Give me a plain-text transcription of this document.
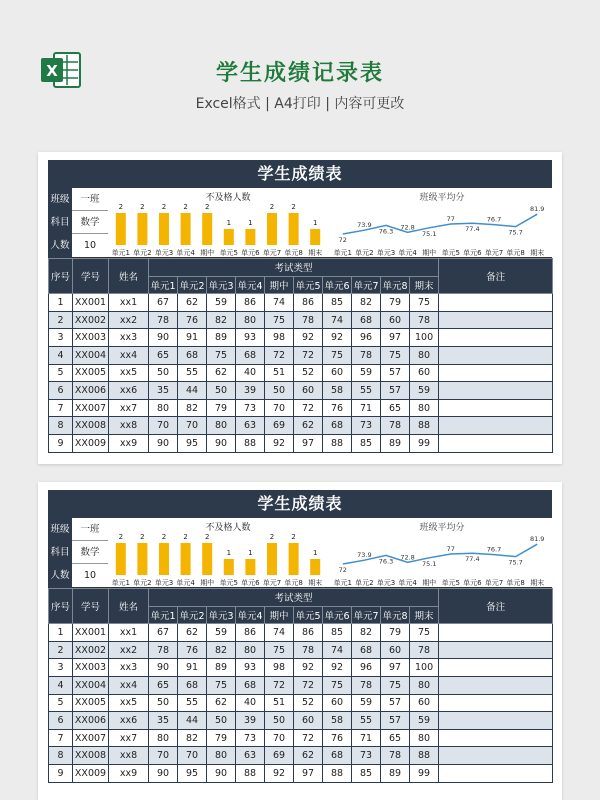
X	学生成绩记录表
Excel格式 | A4打印 | 内容可更改
学生成绩表
班级	一班
科目	数学
人数	10
不及格人数
2
单元1
2
单元2
2
单元3
2
单元4
2
期中
1
单元5
1
单元6
2
单元7
2
单元8
1
期末
班级平均分
72
单元1
73.9
单元2
76.3
单元3
72.8
单元4
75.1
期中
77
单元5
77.4
单元6
76.7
单元7
75.7
单元8
81.9
期末
序号	学号	姓名	考试类型										备注
			单元1	单元2	单元3	单元4	期中	单元5	单元6	单元7	单元8	期末	
1	XX001	xx1	67	62	59	86	74	86	85	82	79	75	
2	XX002	xx2	78	76	82	80	75	78	74	68	60	78	
3	XX003	xx3	90	91	89	93	98	92	92	96	97	100	
4	XX004	xx4	65	68	75	68	72	72	75	78	75	80	
5	XX005	xx5	50	55	62	40	51	52	60	59	57	60	
6	XX006	xx6	35	44	50	39	50	60	58	55	57	59	
7	XX007	xx7	80	82	79	73	70	72	76	71	65	80	
8	XX008	xx8	70	70	80	63	69	62	68	73	78	88	
9	XX009	xx9	90	95	90	88	92	97	88	85	89	99	
学生成绩表
班级	一班
科目	数学
人数	10
不及格人数
2
单元1
2
单元2
2
单元3
2
单元4
2
期中
1
单元5
1
单元6
2
单元7
2
单元8
1
期末
班级平均分
72
单元1
73.9
单元2
76.3
单元3
72.8
单元4
75.1
期中
77
单元5
77.4
单元6
76.7
单元7
75.7
单元8
81.9
期末
序号	学号	姓名	考试类型										备注
			单元1	单元2	单元3	单元4	期中	单元5	单元6	单元7	单元8	期末	
1	XX001	xx1	67	62	59	86	74	86	85	82	79	75	
2	XX002	xx2	78	76	82	80	75	78	74	68	60	78	
3	XX003	xx3	90	91	89	93	98	92	92	96	97	100	
4	XX004	xx4	65	68	75	68	72	72	75	78	75	80	
5	XX005	xx5	50	55	62	40	51	52	60	59	57	60	
6	XX006	xx6	35	44	50	39	50	60	58	55	57	59	
7	XX007	xx7	80	82	79	73	70	72	76	71	65	80	
8	XX008	xx8	70	70	80	63	69	62	68	73	78	88	
9	XX009	xx9	90	95	90	88	92	97	88	85	89	99	
